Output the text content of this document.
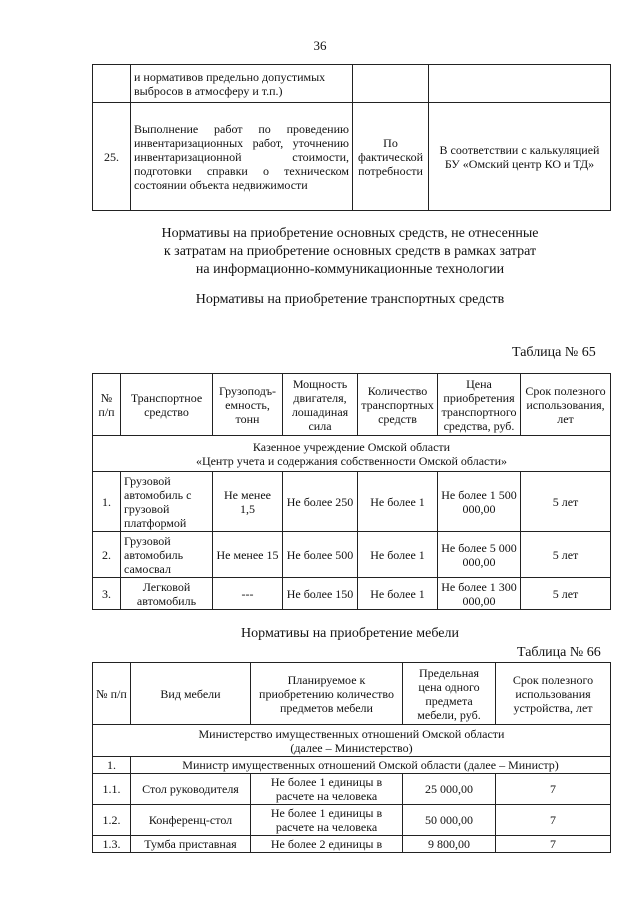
36
	и нормативов предельно допустимых выбросов в атмосферу и т.п.)		
25.	Выполнение работ по проведению инвентаризационных работ, уточнению инвентаризационной стоимости, подготовки справки о техническом состоянии объекта недвижимости	По фактической потребности	В соответствии с калькуляцией БУ «Омский центр КО и ТД»
Нормативы на приобретение основных средств, не отнесенные
к затратам на приобретение основных средств в рамках затрат
на информационно-коммуникационные технологии
Нормативы на приобретение транспортных средств
Таблица № 65
№ п/п	Транспортное средство	Грузоподъ-емность, тонн	Мощность двигателя, лошадиная сила	Количество транспортных средств	Цена приобретения транспортного средства, руб.	Срок полезного использования, лет

Казенное учреждение Омской области
«Центр учета и содержания собственности Омской области»						

1.	Грузовой автомобиль с грузовой платформой	Не менее 1,5	Не более 250	Не более 1	Не более 1 500 000,00	5 лет
2.	Грузовой автомобиль самосвал	Не менее 15	Не более 500	Не более 1	Не более 5 000 000,00	5 лет
3.	Легковой автомобиль	---	Не более 150	Не более 1	Не более 1 300 000,00	5 лет
Нормативы на приобретение мебели
Таблица № 66
№ п/п	Вид мебели	Планируемое к приобретению количество предметов мебели	Предельная цена одного предмета мебели, руб.	Срок полезного использования устройства, лет

Министерство имущественных отношений Омской области
(далее – Министерство)				

1.	Министр имущественных отношений Омской области (далее – Министр)			
1.1.	Стол руководителя	Не более 1 единицы в расчете на человека	25 000,00	7
1.2.	Конференц-стол	Не более 1 единицы в расчете на человека	50 000,00	7
1.3.	Тумба приставная	Не более 2 единицы в	9 800,00	7
